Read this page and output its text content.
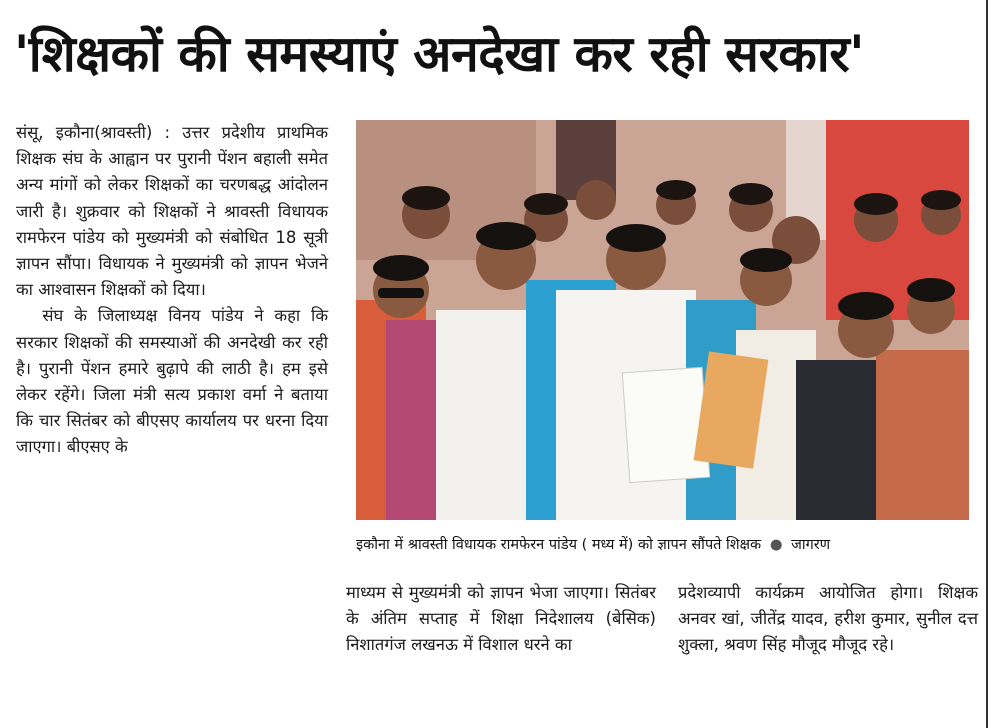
'शिक्षकों की समस्याएं अनदेखा कर रही सरकार'

संसू, इकौना(श्रावस्ती) : उत्तर प्रदेशीय प्राथमिक शिक्षक संघ के आह्वान पर पुरानी पेंशन बहाली समेत अन्य मांगों को लेकर शिक्षकों का चरणबद्ध आंदोलन जारी है। शुक्रवार को शिक्षकों ने श्रावस्ती विधायक रामफेरन पांडेय को मुख्यमंत्री को संबोधित 18 सूत्री ज्ञापन सौंपा। विधायक ने मुख्यमंत्री को ज्ञापन भेजने का आश्वासन शिक्षकों को दिया।

संघ के जिलाध्यक्ष विनय पांडेय ने कहा कि सरकार शिक्षकों की समस्याओं की अनदेखी कर रही है। पुरानी पेंशन हमारे बुढ़ापे की लाठी है। हम इसे लेकर रहेंगे। जिला मंत्री सत्य प्रकाश वर्मा ने बताया कि चार सितंबर को बीएसए कार्यालय पर धरना दिया जाएगा। बीएसए के

इकौना में श्रावस्ती विधायक रामफेरन पांडेय ( मध्य में) को ज्ञापन सौंपते शिक्षक ● जागरण

माध्यम से मुख्यमंत्री को ज्ञापन भेजा जाएगा। सितंबर के अंतिम सप्ताह में शिक्षा निदेशालय (बेसिक) निशातगंज लखनऊ में विशाल धरने का

प्रदेशव्यापी कार्यक्रम आयोजित होगा। शिक्षक अनवर खां, जीतेंद्र यादव, हरीश कुमार, सुनील दत्त शुक्ला, श्रवण सिंह मौजूद मौजूद रहे।
